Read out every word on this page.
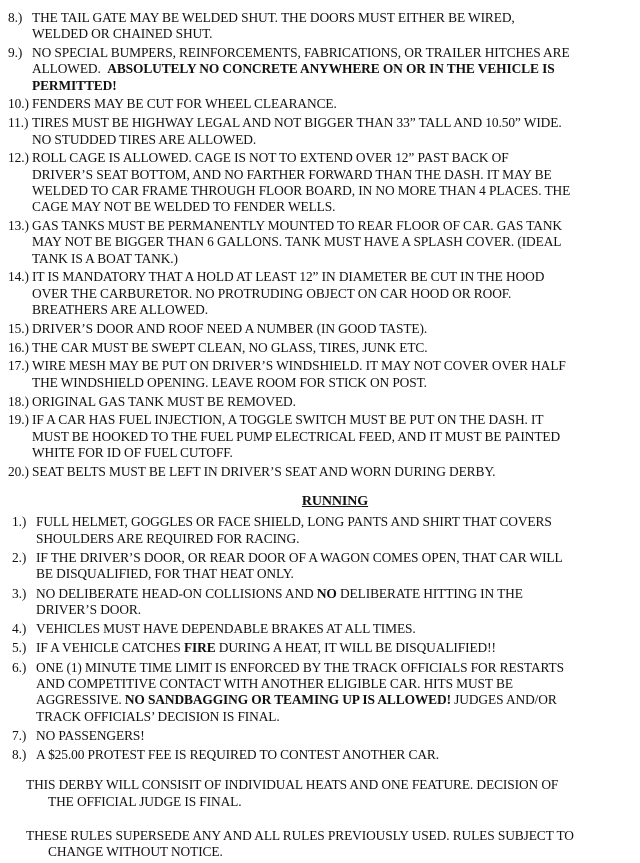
8.) THE TAIL GATE MAY BE WELDED SHUT. THE DOORS MUST EITHER BE WIRED,
WELDED OR CHAINED SHUT.
9.) NO SPECIAL BUMPERS, REINFORCEMENTS, FABRICATIONS, OR TRAILER HITCHES ARE
ALLOWED. ABSOLUTELY NO CONCRETE ANYWHERE ON OR IN THE VEHICLE IS
PERMITTED!
10.) FENDERS MAY BE CUT FOR WHEEL CLEARANCE.
11.) TIRES MUST BE HIGHWAY LEGAL AND NOT BIGGER THAN 33” TALL AND 10.50” WIDE.
NO STUDDED TIRES ARE ALLOWED.
12.) ROLL CAGE IS ALLOWED. CAGE IS NOT TO EXTEND OVER 12” PAST BACK OF
DRIVER’S SEAT BOTTOM, AND NO FARTHER FORWARD THAN THE DASH. IT MAY BE
WELDED TO CAR FRAME THROUGH FLOOR BOARD, IN NO MORE THAN 4 PLACES. THE
CAGE MAY NOT BE WELDED TO FENDER WELLS.
13.) GAS TANKS MUST BE PERMANENTLY MOUNTED TO REAR FLOOR OF CAR. GAS TANK
MAY NOT BE BIGGER THAN 6 GALLONS. TANK MUST HAVE A SPLASH COVER. (IDEAL
TANK IS A BOAT TANK.)
14.) IT IS MANDATORY THAT A HOLD AT LEAST 12” IN DIAMETER BE CUT IN THE HOOD
OVER THE CARBURETOR. NO PROTRUDING OBJECT ON CAR HOOD OR ROOF.
BREATHERS ARE ALLOWED.
15.) DRIVER’S DOOR AND ROOF NEED A NUMBER (IN GOOD TASTE).
16.) THE CAR MUST BE SWEPT CLEAN, NO GLASS, TIRES, JUNK ETC.
17.) WIRE MESH MAY BE PUT ON DRIVER’S WINDSHIELD. IT MAY NOT COVER OVER HALF
THE WINDSHIELD OPENING. LEAVE ROOM FOR STICK ON POST.
18.) ORIGINAL GAS TANK MUST BE REMOVED.
19.) IF A CAR HAS FUEL INJECTION, A TOGGLE SWITCH MUST BE PUT ON THE DASH. IT
MUST BE HOOKED TO THE FUEL PUMP ELECTRICAL FEED, AND IT MUST BE PAINTED
WHITE FOR ID OF FUEL CUTOFF.
20.) SEAT BELTS MUST BE LEFT IN DRIVER’S SEAT AND WORN DURING DERBY.
RUNNING
1.) FULL HELMET, GOGGLES OR FACE SHIELD, LONG PANTS AND SHIRT THAT COVERS
SHOULDERS ARE REQUIRED FOR RACING.
2.) IF THE DRIVER’S DOOR, OR REAR DOOR OF A WAGON COMES OPEN, THAT CAR WILL
BE DISQUALIFIED, FOR THAT HEAT ONLY.
3.) NO DELIBERATE HEAD-ON COLLISIONS AND NO DELIBERATE HITTING IN THE
DRIVER’S DOOR.
4.) VEHICLES MUST HAVE DEPENDABLE BRAKES AT ALL TIMES.
5.) IF A VEHICLE CATCHES FIRE DURING A HEAT, IT WILL BE DISQUALIFIED!!
6.) ONE (1) MINUTE TIME LIMIT IS ENFORCED BY THE TRACK OFFICIALS FOR RESTARTS
AND COMPETITIVE CONTACT WITH ANOTHER ELIGIBLE CAR. HITS MUST BE
AGGRESSIVE. NO SANDBAGGING OR TEAMING UP IS ALLOWED! JUDGES AND/OR
TRACK OFFICIALS’ DECISION IS FINAL.
7.) NO PASSENGERS!
8.) A $25.00 PROTEST FEE IS REQUIRED TO CONTEST ANOTHER CAR.
THIS DERBY WILL CONSISIT OF INDIVIDUAL HEATS AND ONE FEATURE. DECISION OF
THE OFFICIAL JUDGE IS FINAL.
THESE RULES SUPERSEDE ANY AND ALL RULES PREVIOUSLY USED. RULES SUBJECT TO
CHANGE WITHOUT NOTICE.
